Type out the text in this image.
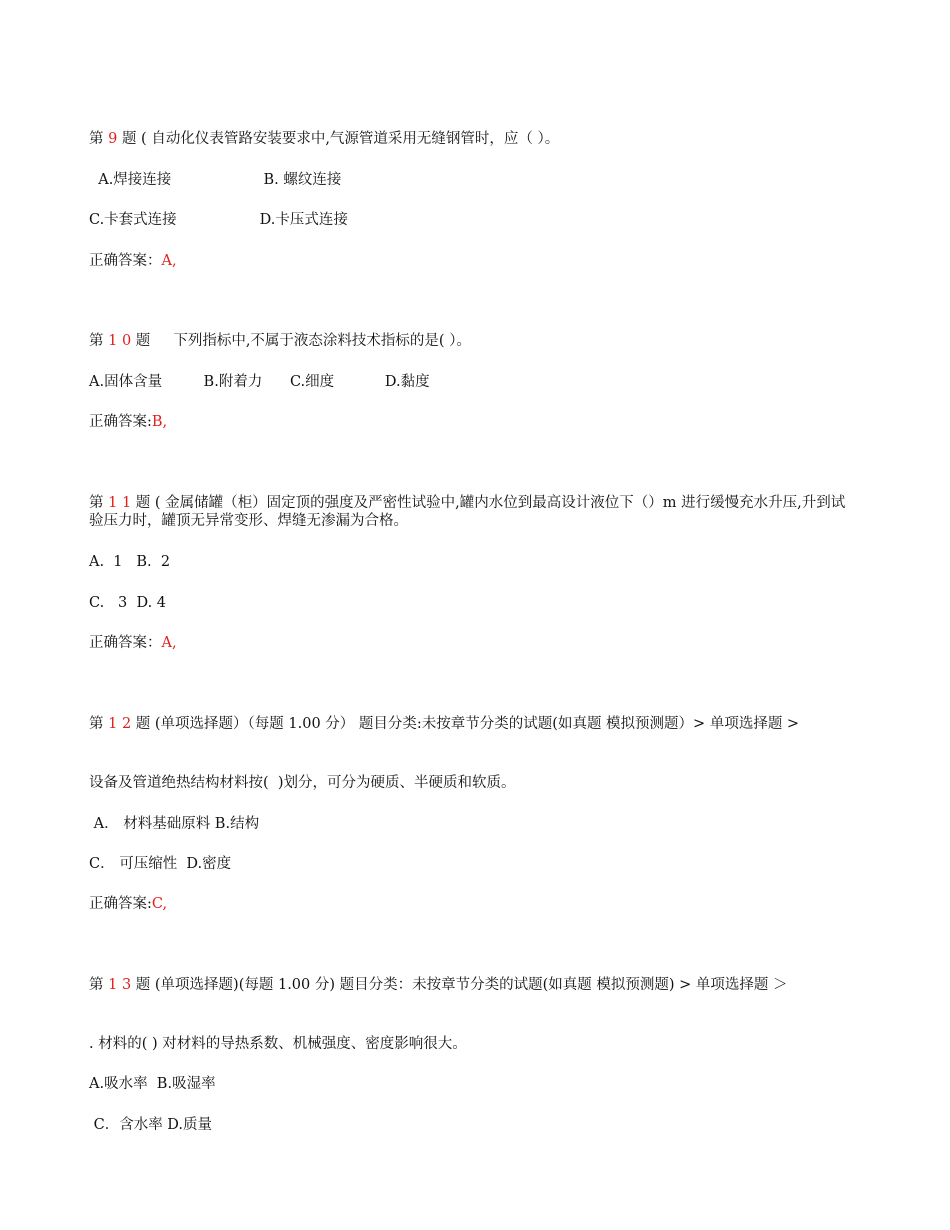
第 9 题 ( 自动化仪表管路安装要求中,气源管道采用无缝钢管时，应（ ）。
A.焊接连接                    B. 螺纹连接
C.卡套式连接                  D.卡压式连接
正确答案：A,
第 1 0 题     下列指标中,不属于液态涂料技术指标的是( ）。
A.固体含量         B.附着力      C.细度           D.黏度
正确答案:B,
第 1 1 题 ( 金属储罐（柜）固定顶的强度及严密性试验中,罐内水位到最高设计液位下（）m 进行缓慢充水升压,升到试验压力时，罐顶无异常变形、焊缝无渗漏为合格。
A.  1   B.  2
C.   3  D. 4
正确答案：A,
第 1 2 题 (单项选择题）（每题 1.00 分） 题目分类:未按章节分类的试题(如真题 模拟预测题）> 单项选择题 >
设备及管道绝热结构材料按(  )划分，可分为硬质、半硬质和软质。
A． 材料基础原料 B.结构
C． 可压缩性  D.密度
正确答案:C,
第 1 3 题 (单项选择题)(每题 1.00 分) 题目分类：未按章节分类的试题(如真题 模拟预测题) > 单项选择题 ＞
. 材料的( ) 对材料的导热系数、机械强度、密度影响很大。
A.吸水率  B.吸湿率
C．含水率 D.质量
